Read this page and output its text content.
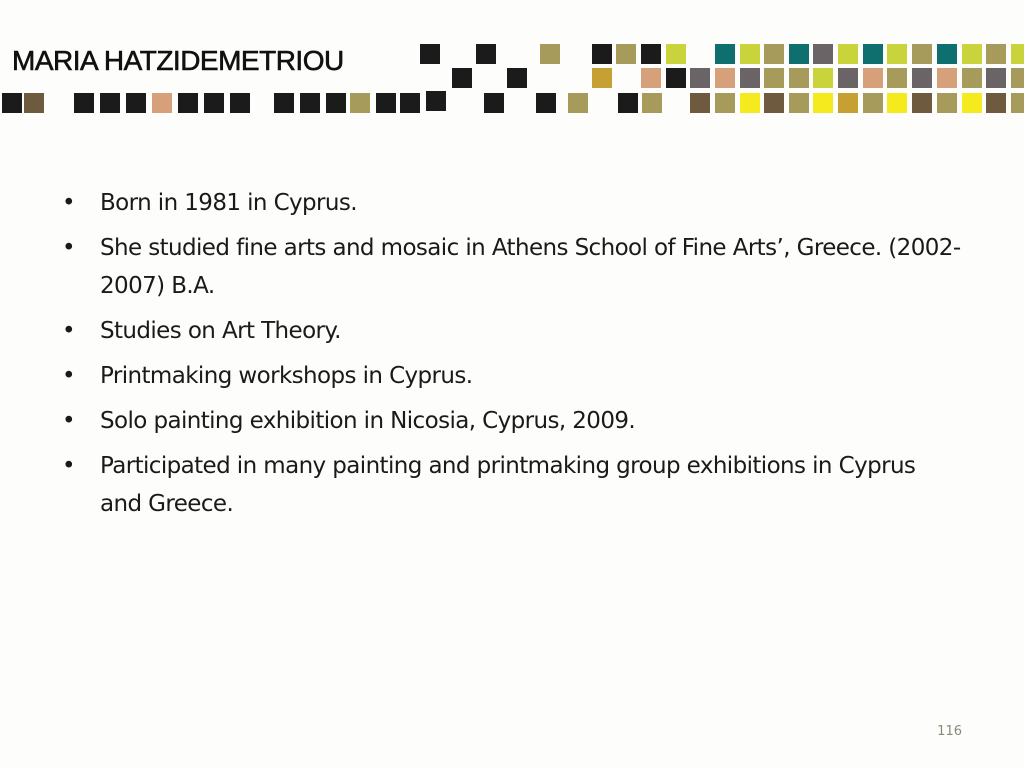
MARIA HATZIDEMETRIOU
•	Born in 1981 in Cyprus.
•	She studied fine arts and mosaic in Athens School of Fine Arts’, Greece. (2002-2007) B.A.
•	Studies on Art Theory.
•	Printmaking workshops in Cyprus.
•	Solo painting exhibition in Nicosia, Cyprus, 2009.
•	Participated in many painting and printmaking group exhibitions in Cyprus and Greece.
116
